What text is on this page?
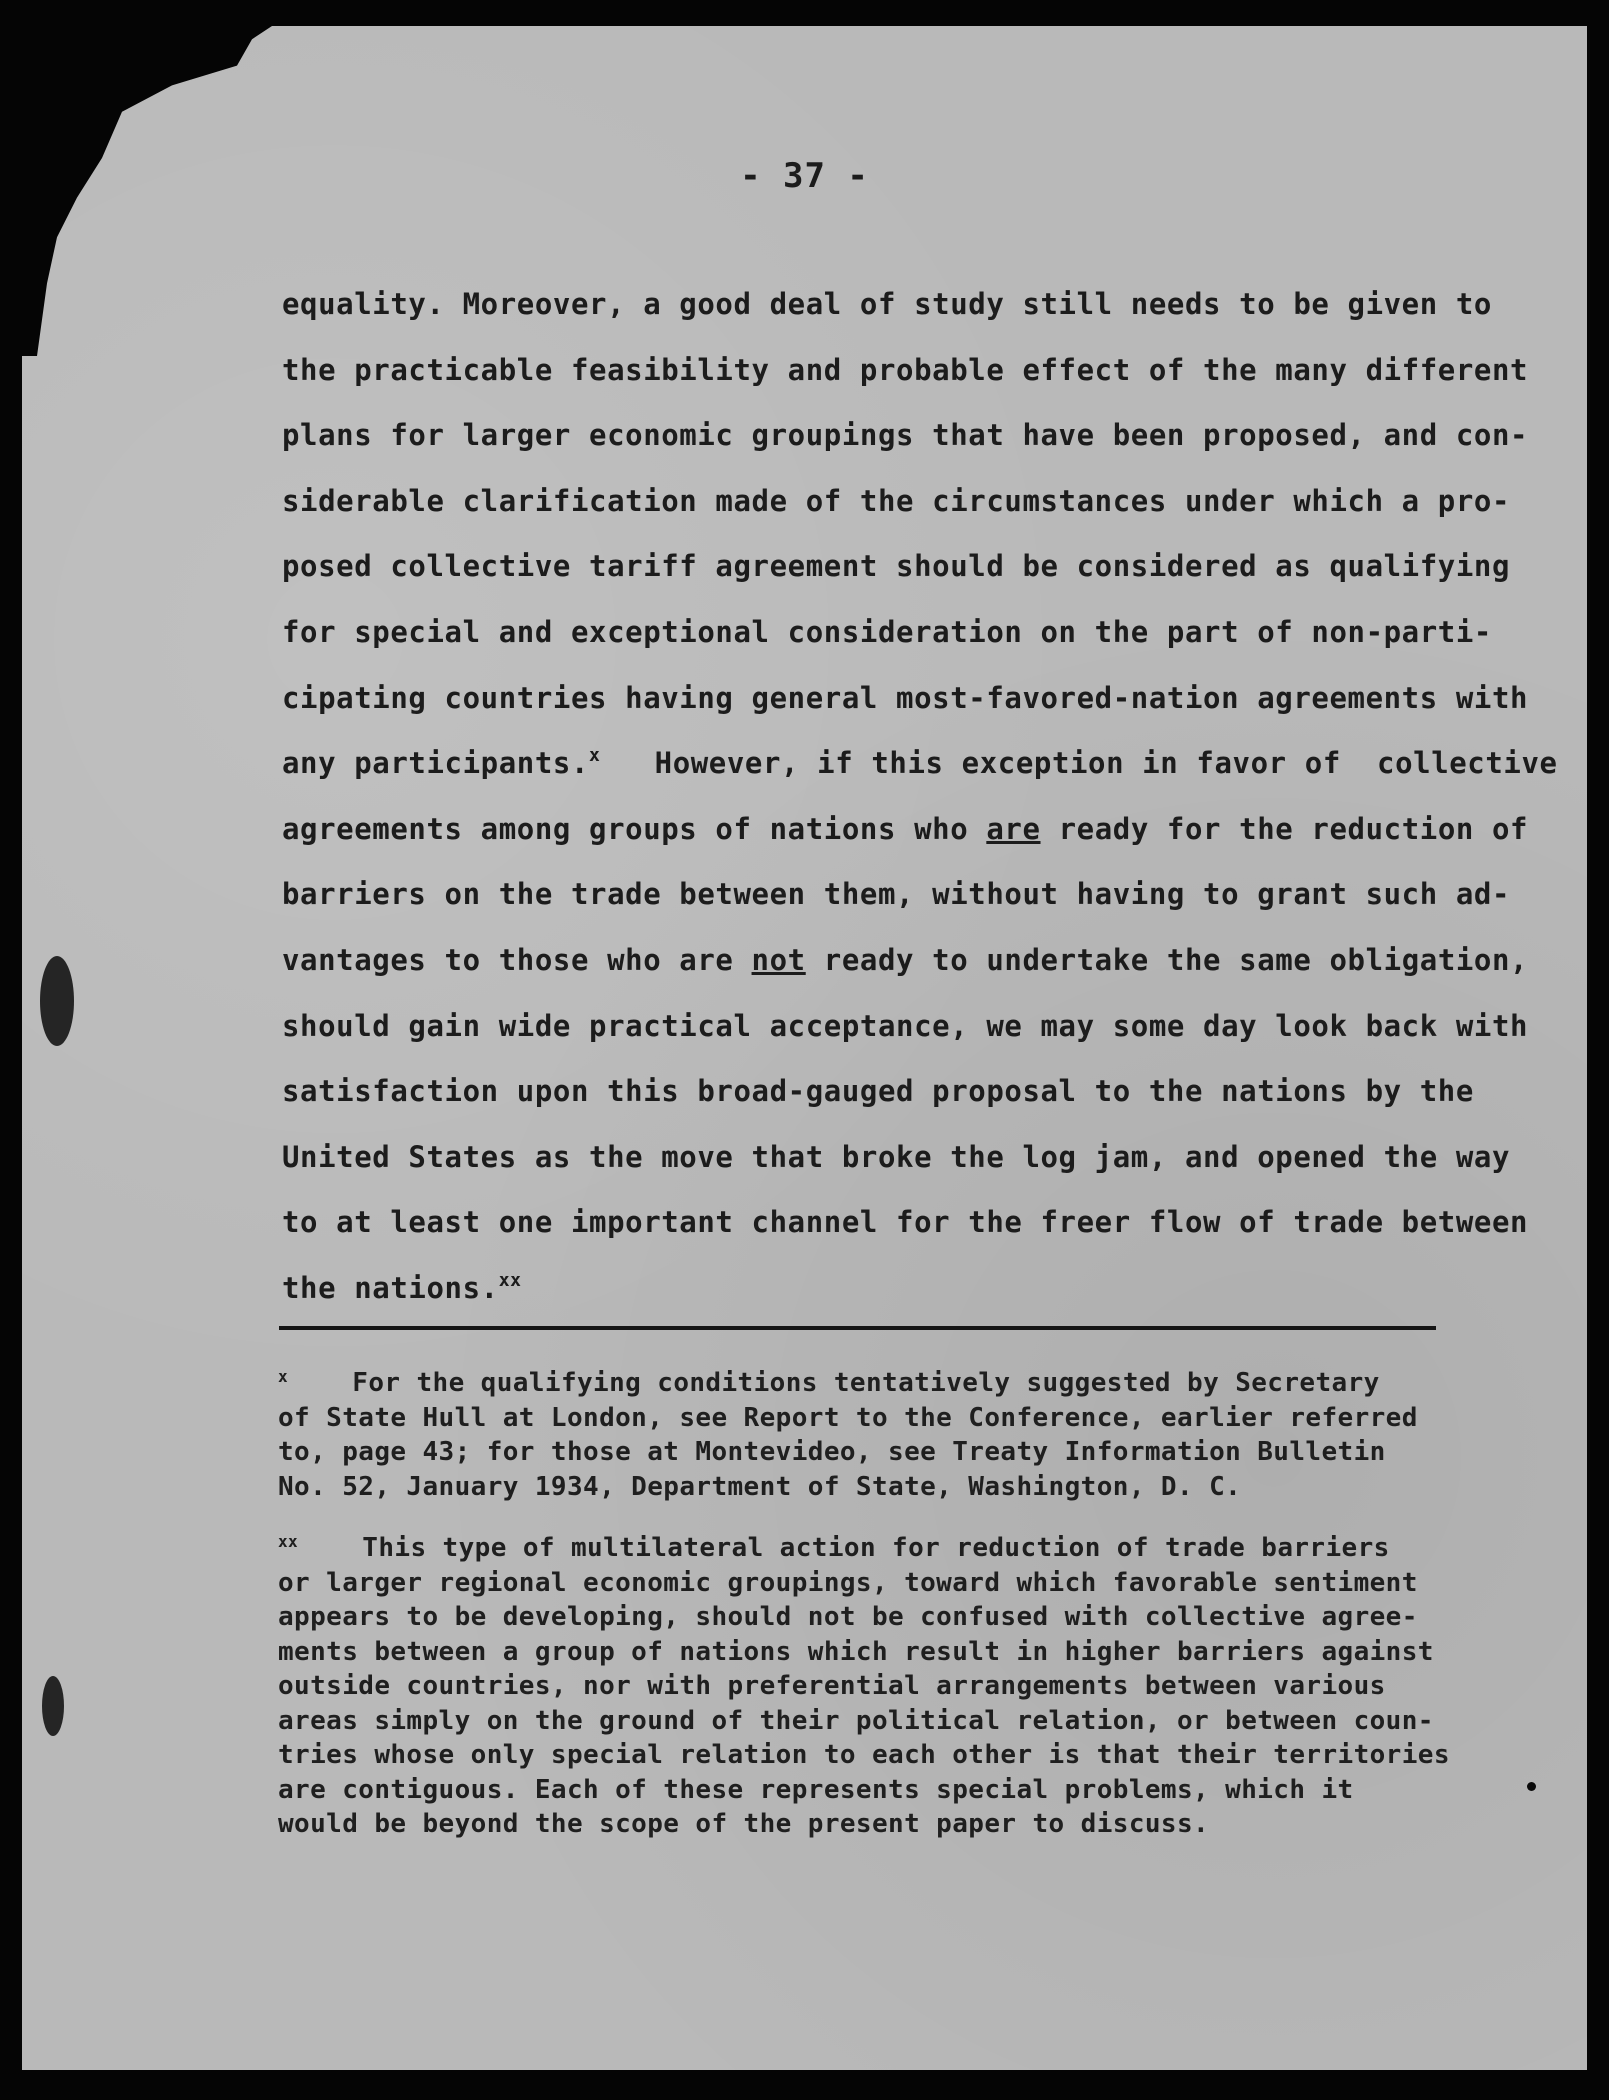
- 37 -
equality. Moreover, a good deal of study still needs to be given to
the practicable feasibility and probable effect of the many different
plans for larger economic groupings that have been proposed, and con-
siderable clarification made of the circumstances under which a pro-
posed collective tariff agreement should be considered as qualifying
for special and exceptional consideration on the part of non-parti-
cipating countries having general most-favored-nation agreements with
any participants.$^x$   However, if this exception in favor of  collective
agreements among groups of nations who are ready for the reduction of
barriers on the trade between them, without having to grant such ad-
vantages to those who are not ready to undertake the same obligation,
should gain wide practical acceptance, we may some day look back with
satisfaction upon this broad-gauged proposal to the nations by the
United States as the move that broke the log jam, and opened the way
to at least one important channel for the freer flow of trade between
the nations.$^{xx}$
$^x$    For the qualifying conditions tentatively suggested by Secretary
of State Hull at London, see Report to the Conference, earlier referred
to, page 43; for those at Montevideo, see Treaty Information Bulletin
No. 52, January 1934, Department of State, Washington, D. C.
$^{xx}$    This type of multilateral action for reduction of trade barriers
or larger regional economic groupings, toward which favorable sentiment
appears to be developing, should not be confused with collective agree-
ments between a group of nations which result in higher barriers against
outside countries, nor with preferential arrangements between various
areas simply on the ground of their political relation, or between coun-
tries whose only special relation to each other is that their territories
are contiguous. Each of these represents special problems, which it
would be beyond the scope of the present paper to discuss.
